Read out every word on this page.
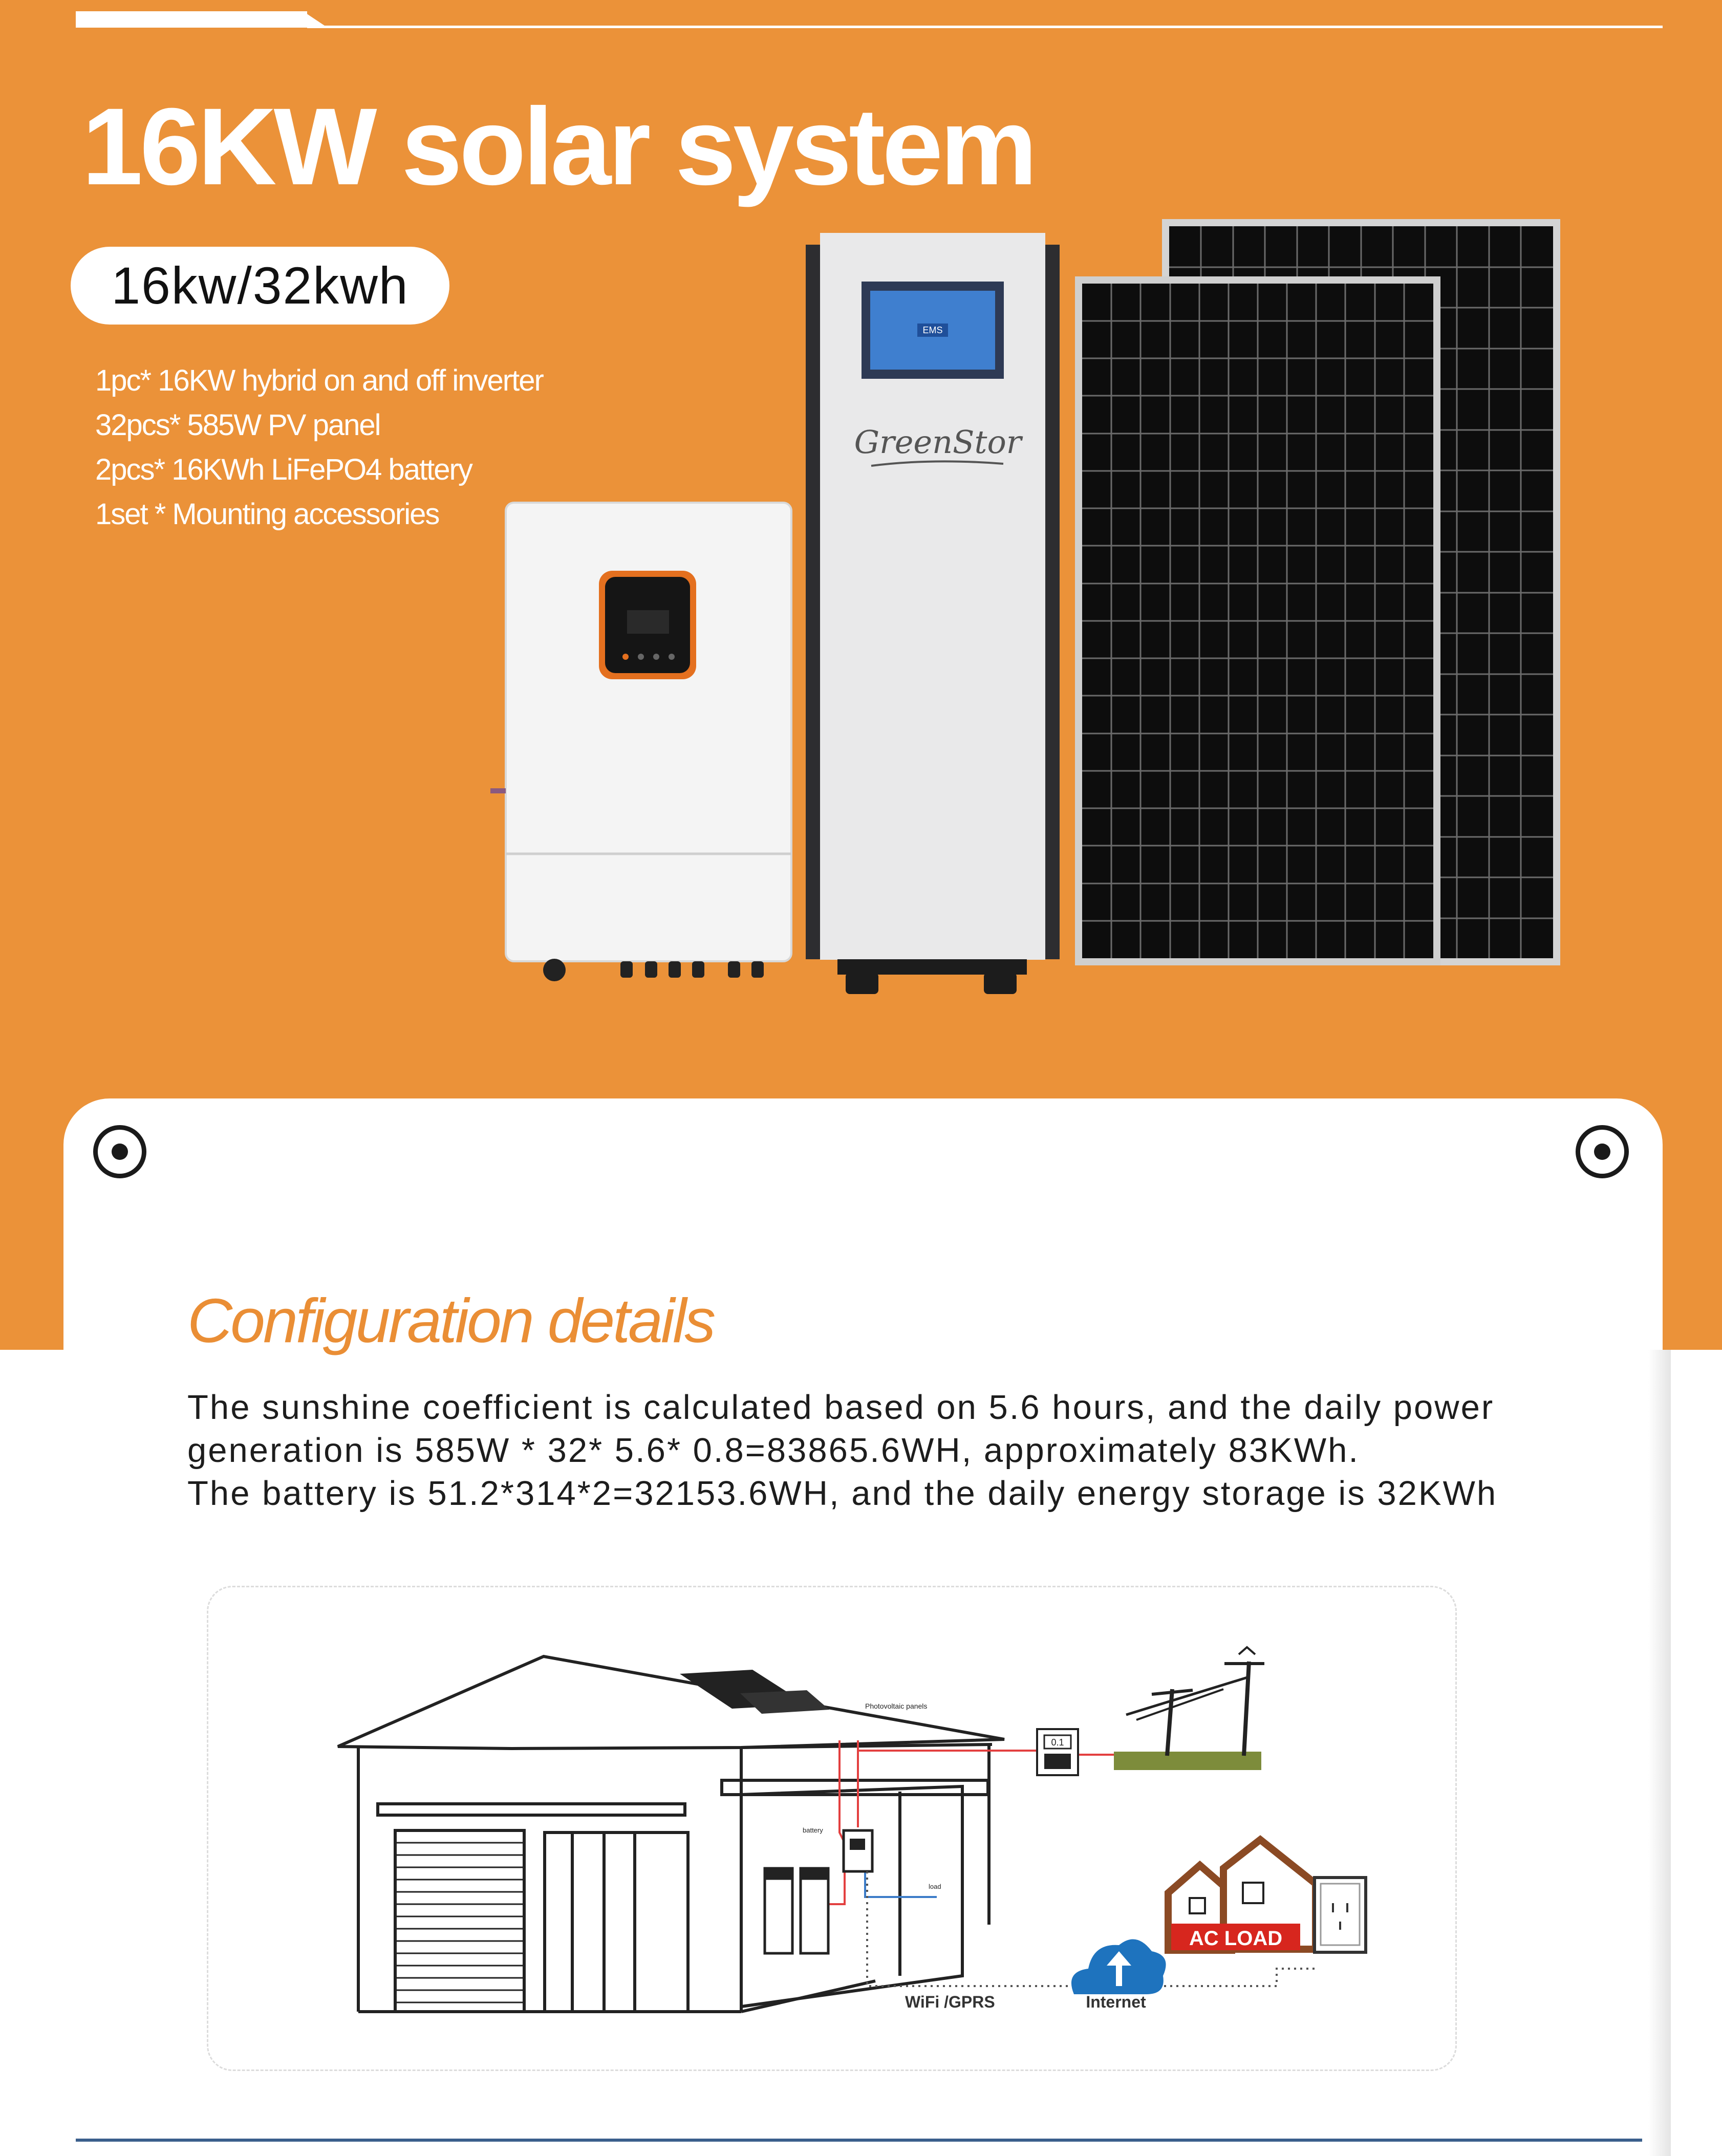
16KW solar system
16kw/32kwh
1pc* 16KW hybrid on and off inverter
32pcs* 585W PV panel
2pcs* 16KWh LiFePO4 battery
1set * Mounting accessories
EMS
GreenStor
Configuration details

The sunshine coefficient is calculated based on 5.6 hours, and the daily power
generation is 585W * 32* 5.6* 0.8=83865.6WH, approximately 83KWh.
The battery is 51.2*314*2=32153.6WH, and the daily energy storage is 32KWh

Photovoltaic panels
battery
load
0.1
AC LOAD
WiFi /GPRS	Internet
